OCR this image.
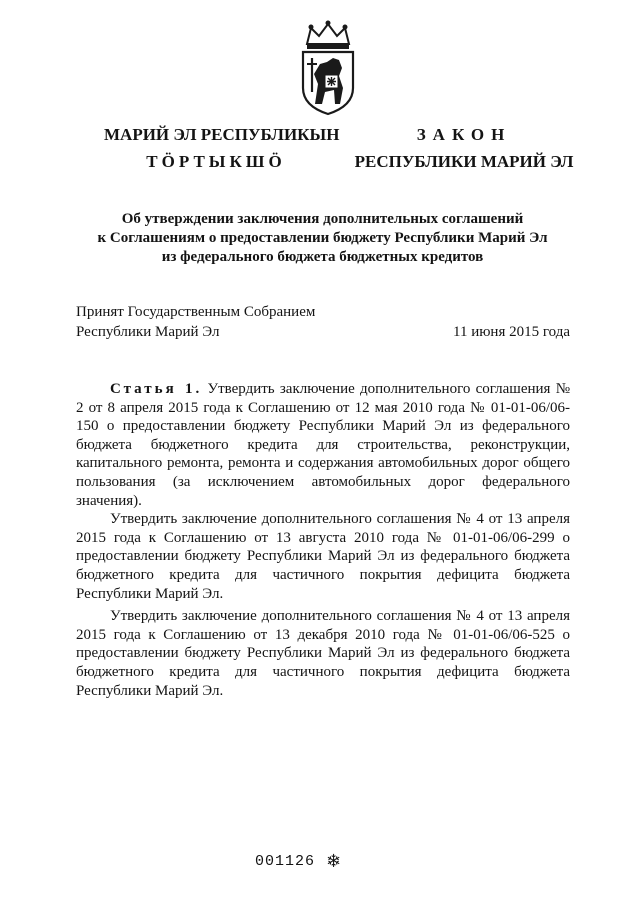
МАРИЙ ЭЛ РЕСПУБЛИКЫН
ТӦРТЫКШӦ
ЗАКОН
РЕСПУБЛИКИ МАРИЙ ЭЛ
Об утверждении заключения дополнительных соглашений
к Соглашениям о предоставлении бюджету Республики Марий Эл
из федерального бюджета бюджетных кредитов
Принят Государственным Собранием
Республики Марий Эл	11 июня 2015 года

Статья 1. Утвердить заключение дополнительного соглашения № 2 от 8 апреля 2015 года к Соглашению от 12 мая 2010 года № 01-01-06/06-150 о предоставлении бюджету Республики Марий Эл из федерального бюджета бюджетного кредита для строительства, реконструкции, капитального ремонта, ремонта и содержания автомобильных дорог общего пользования (за исключением автомобильных дорог федерального значения).

Утвердить заключение дополнительного соглашения № 4 от 13 апреля 2015 года к Соглашению от 13 августа 2010 года № 01-01-06/06-299 о предоставлении бюджету Республики Марий Эл из федерального бюджета бюджетного кредита для частичного покрытия дефицита бюджета Республики Марий Эл.

Утвердить заключение дополнительного соглашения № 4 от 13 апреля 2015 года к Соглашению от 13 декабря 2010 года № 01-01-06/06-525 о предоставлении бюджету Республики Марий Эл из федерального бюджета бюджетного кредита для частичного покрытия дефицита бюджета Республики Марий Эл.

001126 ❄
